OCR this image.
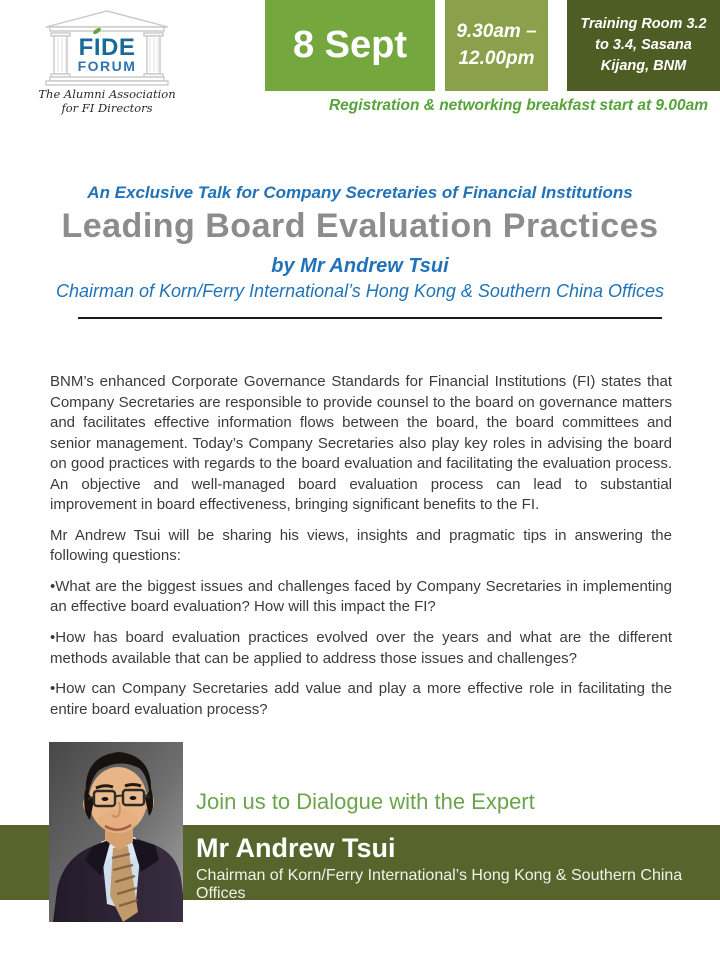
FIDE
FORUM
The Alumni Association
for FI Directors
8 Sept	9.30am –
12.00pm
Training Room 3.2 to 3.4, Sasana Kijang, BNM
Registration & networking breakfast start at 9.00am
An Exclusive Talk for Company Secretaries of Financial Institutions
Leading Board Evaluation Practices
by Mr Andrew Tsui
Chairman of Korn/Ferry International’s Hong Kong & Southern China Offices

BNM’s enhanced Corporate Governance Standards for Financial Institutions (FI) states that Company Secretaries are responsible to provide counsel to the board on governance matters and facilitates effective information flows between the board, the board committees and senior management. Today’s Company Secretaries also play key roles in advising the board on good practices with regards to the board evaluation and facilitating the evaluation process. An objective and well-managed board evaluation process can lead to substantial improvement in board effectiveness, bringing significant benefits to the FI.

Mr Andrew Tsui will be sharing his views, insights and pragmatic tips in answering the following questions:

• What are the biggest issues and challenges faced by Company Secretaries in implementing an effective board evaluation? How will this impact the FI?

• How has board evaluation practices evolved over the years and what are the different methods available that can be applied to address those issues and challenges?

• How can Company Secretaries add value and play a more effective role in facilitating the entire board evaluation process?

Join us to Dialogue with the Expert
Mr Andrew Tsui
Chairman of Korn/Ferry International’s Hong Kong & Southern China Offices
